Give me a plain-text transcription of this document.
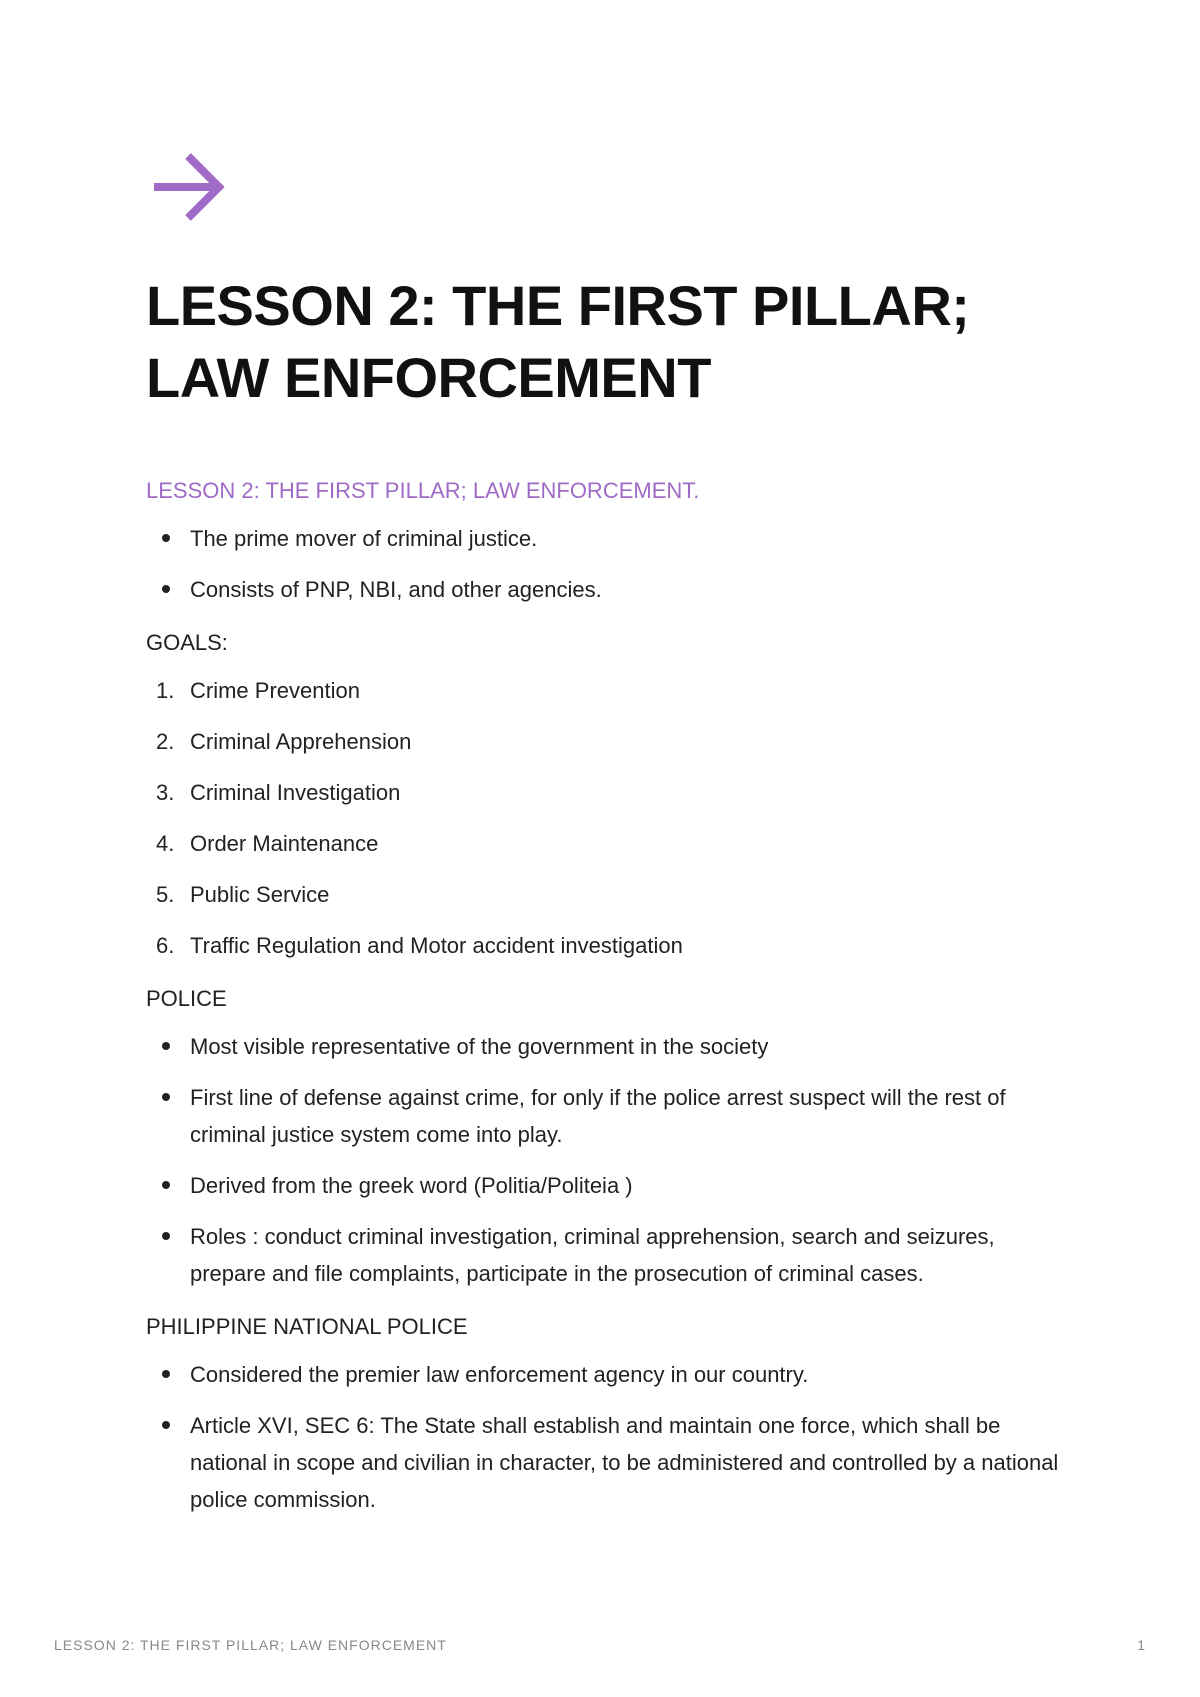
LESSON 2: THE FIRST PILLAR; LAW ENFORCEMENT
LESSON 2: THE FIRST PILLAR; LAW ENFORCEMENT.
The prime mover of criminal justice.
Consists of PNP, NBI, and other agencies.
GOALS:
1. Crime Prevention
2. Criminal Apprehension
3. Criminal Investigation
4. Order Maintenance
5. Public Service
6. Traffic Regulation and Motor accident investigation
POLICE
Most visible representative of the government in the society
First line of defense against crime, for only if the police arrest suspect will the rest of criminal justice system come into play.
Derived from the greek word (Politia/Politeia )
Roles : conduct criminal investigation, criminal apprehension, search and seizures, prepare and file complaints, participate in the prosecution of criminal cases.
PHILIPPINE NATIONAL POLICE
Considered the premier law enforcement agency in our country.
Article XVI, SEC 6: The State shall establish and maintain one force, which shall be national in scope and civilian in character, to be administered and controlled by a national police commission.
LESSON 2: THE FIRST PILLAR; LAW ENFORCEMENT	1
